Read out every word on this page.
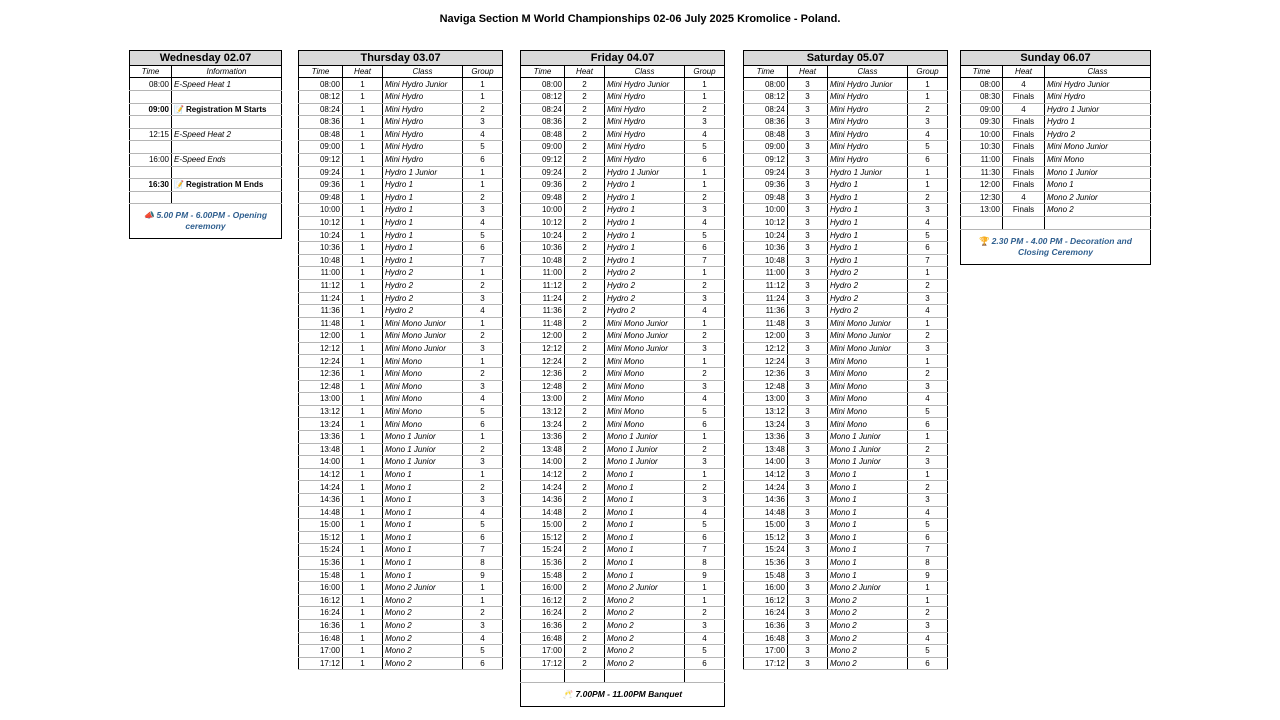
Naviga Section M World Championships 02-06 July 2025 Kromolice - Poland.
Wednesday 02.07	
Time	Information
08:00	E-Speed Heat 1

09:00	📝 Registration M Starts

12:15	E-Speed Heat 2

16:00	E-Speed Ends

16:30	📝 Registration M Ends

📣 5.00 PM - 6.00PM - Opening ceremony	
Thursday 03.07			
Time	Heat	Class	Group
08:00	1	Mini Hydro Junior	1
08:12	1	Mini Hydro	1
08:24	1	Mini Hydro	2
08:36	1	Mini Hydro	3
08:48	1	Mini Hydro	4
09:00	1	Mini Hydro	5
09:12	1	Mini Hydro	6
09:24	1	Hydro 1 Junior	1
09:36	1	Hydro 1	1
09:48	1	Hydro 1	2
10:00	1	Hydro 1	3
10:12	1	Hydro 1	4
10:24	1	Hydro 1	5
10:36	1	Hydro 1	6
10:48	1	Hydro 1	7
11:00	1	Hydro 2	1
11:12	1	Hydro 2	2
11:24	1	Hydro 2	3
11:36	1	Hydro 2	4
11:48	1	Mini Mono Junior	1
12:00	1	Mini Mono Junior	2
12:12	1	Mini Mono Junior	3
12:24	1	Mini Mono	1
12:36	1	Mini Mono	2
12:48	1	Mini Mono	3
13:00	1	Mini Mono	4
13:12	1	Mini Mono	5
13:24	1	Mini Mono	6
13:36	1	Mono 1 Junior	1
13:48	1	Mono 1 Junior	2
14:00	1	Mono 1 Junior	3
14:12	1	Mono 1	1
14:24	1	Mono 1	2
14:36	1	Mono 1	3
14:48	1	Mono 1	4
15:00	1	Mono 1	5
15:12	1	Mono 1	6
15:24	1	Mono 1	7
15:36	1	Mono 1	8
15:48	1	Mono 1	9
16:00	1	Mono 2 Junior	1
16:12	1	Mono 2	1
16:24	1	Mono 2	2
16:36	1	Mono 2	3
16:48	1	Mono 2	4
17:00	1	Mono 2	5
17:12	1	Mono 2	6
Friday 04.07			
Time	Heat	Class	Group
08:00	2	Mini Hydro Junior	1
08:12	2	Mini Hydro	1
08:24	2	Mini Hydro	2
08:36	2	Mini Hydro	3
08:48	2	Mini Hydro	4
09:00	2	Mini Hydro	5
09:12	2	Mini Hydro	6
09:24	2	Hydro 1 Junior	1
09:36	2	Hydro 1	1
09:48	2	Hydro 1	2
10:00	2	Hydro 1	3
10:12	2	Hydro 1	4
10:24	2	Hydro 1	5
10:36	2	Hydro 1	6
10:48	2	Hydro 1	7
11:00	2	Hydro 2	1
11:12	2	Hydro 2	2
11:24	2	Hydro 2	3
11:36	2	Hydro 2	4
11:48	2	Mini Mono Junior	1
12:00	2	Mini Mono Junior	2
12:12	2	Mini Mono Junior	3
12:24	2	Mini Mono	1
12:36	2	Mini Mono	2
12:48	2	Mini Mono	3
13:00	2	Mini Mono	4
13:12	2	Mini Mono	5
13:24	2	Mini Mono	6
13:36	2	Mono 1 Junior	1
13:48	2	Mono 1 Junior	2
14:00	2	Mono 1 Junior	3
14:12	2	Mono 1	1
14:24	2	Mono 1	2
14:36	2	Mono 1	3
14:48	2	Mono 1	4
15:00	2	Mono 1	5
15:12	2	Mono 1	6
15:24	2	Mono 1	7
15:36	2	Mono 1	8
15:48	2	Mono 1	9
16:00	2	Mono 2 Junior	1
16:12	2	Mono 2	1
16:24	2	Mono 2	2
16:36	2	Mono 2	3
16:48	2	Mono 2	4
17:00	2	Mono 2	5
17:12	2	Mono 2	6

🥂 7.00PM - 11.00PM Banquet			
Saturday 05.07			
Time	Heat	Class	Group
08:00	3	Mini Hydro Junior	1
08:12	3	Mini Hydro	1
08:24	3	Mini Hydro	2
08:36	3	Mini Hydro	3
08:48	3	Mini Hydro	4
09:00	3	Mini Hydro	5
09:12	3	Mini Hydro	6
09:24	3	Hydro 1 Junior	1
09:36	3	Hydro 1	1
09:48	3	Hydro 1	2
10:00	3	Hydro 1	3
10:12	3	Hydro 1	4
10:24	3	Hydro 1	5
10:36	3	Hydro 1	6
10:48	3	Hydro 1	7
11:00	3	Hydro 2	1
11:12	3	Hydro 2	2
11:24	3	Hydro 2	3
11:36	3	Hydro 2	4
11:48	3	Mini Mono Junior	1
12:00	3	Mini Mono Junior	2
12:12	3	Mini Mono Junior	3
12:24	3	Mini Mono	1
12:36	3	Mini Mono	2
12:48	3	Mini Mono	3
13:00	3	Mini Mono	4
13:12	3	Mini Mono	5
13:24	3	Mini Mono	6
13:36	3	Mono 1 Junior	1
13:48	3	Mono 1 Junior	2
14:00	3	Mono 1 Junior	3
14:12	3	Mono 1	1
14:24	3	Mono 1	2
14:36	3	Mono 1	3
14:48	3	Mono 1	4
15:00	3	Mono 1	5
15:12	3	Mono 1	6
15:24	3	Mono 1	7
15:36	3	Mono 1	8
15:48	3	Mono 1	9
16:00	3	Mono 2 Junior	1
16:12	3	Mono 2	1
16:24	3	Mono 2	2
16:36	3	Mono 2	3
16:48	3	Mono 2	4
17:00	3	Mono 2	5
17:12	3	Mono 2	6
Sunday 06.07		
Time	Heat	Class
08:00	4	Mini Hydro Junior
08:30	Finals	Mini Hydro
09:00	4	Hydro 1 Junior
09:30	Finals	Hydro 1
10:00	Finals	Hydro 2
10:30	Finals	Mini Mono Junior
11:00	Finals	Mini Mono
11:30	Finals	Mono 1 Junior
12:00	Finals	Mono 1
12:30	4	Mono 2 Junior
13:00	Finals	Mono 2

🏆 2.30 PM - 4.00 PM - Decoration and Closing Ceremony		
